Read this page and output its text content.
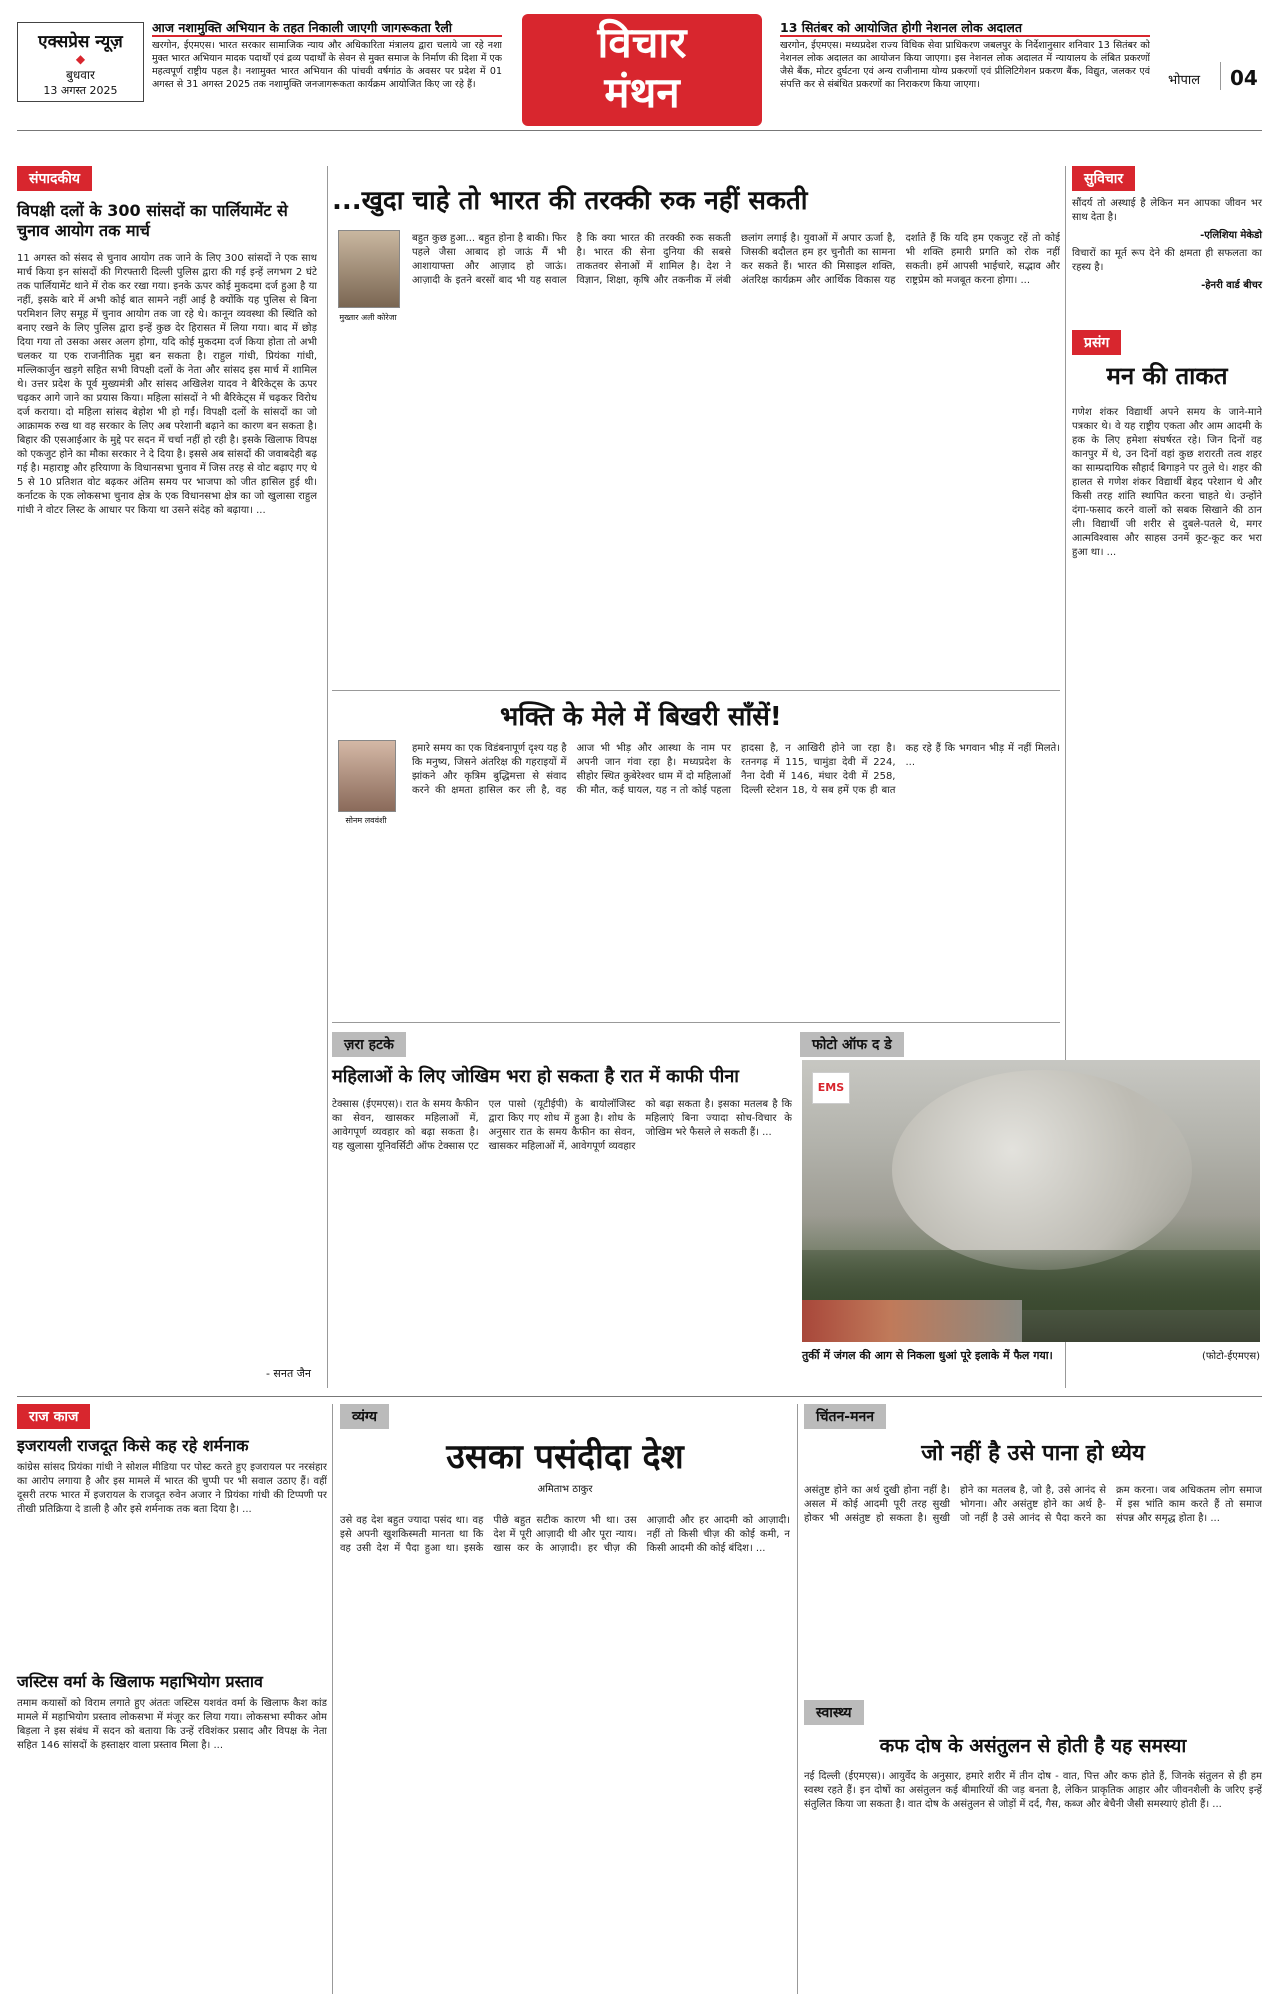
एक्सप्रेस न्यूज़
◆
बुधवार
13 अगस्त 2025
आज नशामुक्ति अभियान के तहत निकाली जाएगी जागरूकता रैली
खरगोन, ईएमएस। भारत सरकार सामाजिक न्याय और अधिकारिता मंत्रालय द्वारा चलाये जा रहे नशा मुक्त भारत अभियान मादक पदार्थों एवं द्रव्य पदार्थों के सेवन से मुक्त समाज के निर्माण की दिशा में एक महत्वपूर्ण राष्ट्रीय पहल है। नशामुक्त भारत अभियान की पांचवी वर्षगांठ के अवसर पर प्रदेश में 01 अगस्त से 31 अगस्त 2025 तक नशामुक्ति जनजागरूकता कार्यक्रम आयोजित किए जा रहे हैं।
विचार
मंथन
13 सितंबर को आयोजित होगी नेशनल लोक अदालत
खरगोन, ईएमएस। मध्यप्रदेश राज्य विधिक सेवा प्राधिकरण जबलपुर के निर्देशानुसार शनिवार 13 सितंबर को नेशनल लोक अदालत का आयोजन किया जाएगा। इस नेशनल लोक अदालत में न्यायालय के लंबित प्रकरणों जैसे बैंक, मोटर दुर्घटना एवं अन्य राजीनामा योग्य प्रकरणों एवं प्रीलिटिगेशन प्रकरण बैंक, विद्युत, जलकर एवं संपत्ति कर से संबंधित प्रकरणों का निराकरण किया जाएगा।	भोपाल 04
संपादकीय
विपक्षी दलों के 300 सांसदों का पार्लियामेंट से चुनाव आयोग तक मार्च
11 अगस्त को संसद से चुनाव आयोग तक जाने के लिए 300 सांसदों ने एक साथ मार्च किया इन सांसदों की गिरफ्तारी दिल्ली पुलिस द्वारा की गई इन्हें लगभग 2 घंटे तक पार्लियामेंट थाने में रोक कर रखा गया। इनके ऊपर कोई मुकदमा दर्ज हुआ है या नहीं, इसके बारे में अभी कोई बात सामने नहीं आई है क्योंकि यह पुलिस से बिना परमिशन लिए समूह में चुनाव आयोग तक जा रहे थे। कानून व्यवस्था की स्थिति को बनाए रखने के लिए पुलिस द्वारा इन्हें कुछ देर हिरासत में लिया गया। बाद में छोड़ दिया गया तो उसका असर अलग होगा, यदि कोई मुकदमा दर्ज किया होता तो अभी चलकर या एक राजनीतिक मुद्दा बन सकता है। राहुल गांधी, प्रियंका गांधी, मल्लिकार्जुन खड़गे सहित सभी विपक्षी दलों के नेता और सांसद इस मार्च में शामिल थे। उत्तर प्रदेश के पूर्व मुख्यमंत्री और सांसद अखिलेश यादव ने बैरिकेट्स के ऊपर चढ़कर आगे जाने का प्रयास किया। महिला सांसदों ने भी बैरिकेट्स में चढ़कर विरोध दर्ज कराया। दो महिला सांसद बेहोश भी हो गईं। विपक्षी दलों के सांसदों का जो आक्रामक रुख था वह सरकार के लिए अब परेशानी बढ़ाने का कारण बन सकता है। बिहार की एसआईआर के मुद्दे पर सदन में चर्चा नहीं हो रही है। इसके खिलाफ विपक्ष को एकजुट होने का मौका सरकार ने दे दिया है। इससे अब सांसदों की जवाबदेही बढ़ गई है। महाराष्ट्र और हरियाणा के विधानसभा चुनाव में जिस तरह से वोट बढ़ाए गए थे 5 से 10 प्रतिशत वोट बढ़कर अंतिम समय पर भाजपा को जीत हासिल हुई थी। कर्नाटक के एक लोकसभा चुनाव क्षेत्र के एक विधानसभा क्षेत्र का जो खुलासा राहुल गांधी ने वोटर लिस्ट के आधार पर किया था उसने संदेह को बढ़ाया। ...
- सनत जैन
...खुदा चाहे तो भारत की तरक्की रुक नहीं सकती
मुख्तार अली कोरेजा
बहुत कुछ हुआ... बहुत होना है बाकी। फिर पहले जैसा आबाद हो जाऊं मैं भी आशायाफ्ता और आज़ाद हो जाऊं। आज़ादी के इतने बरसों बाद भी यह सवाल है कि क्या भारत की तरक्की रुक सकती है। भारत की सेना दुनिया की सबसे ताकतवर सेनाओं में शामिल है। देश ने विज्ञान, शिक्षा, कृषि और तकनीक में लंबी छलांग लगाई है। युवाओं में अपार ऊर्जा है, जिसकी बदौलत हम हर चुनौती का सामना कर सकते हैं। भारत की मिसाइल शक्ति, अंतरिक्ष कार्यक्रम और आर्थिक विकास यह दर्शाते हैं कि यदि हम एकजुट रहें तो कोई भी शक्ति हमारी प्रगति को रोक नहीं सकती। हमें आपसी भाईचारे, सद्भाव और राष्ट्रप्रेम को मजबूत करना होगा। ...
भक्ति के मेले में बिखरी साँसें!
सोनम लववंशी
हमारे समय का एक विडंबनापूर्ण दृश्य यह है कि मनुष्य, जिसने अंतरिक्ष की गहराइयों में झांकने और कृत्रिम बुद्धिमत्ता से संवाद करने की क्षमता हासिल कर ली है, वह आज भी भीड़ और आस्था के नाम पर अपनी जान गंवा रहा है। मध्यप्रदेश के सीहोर स्थित कुबेरेश्वर धाम में दो महिलाओं की मौत, कई घायल, यह न तो कोई पहला हादसा है, न आखिरी होने जा रहा है। रतनगढ़ में 115, चामुंडा देवी में 224, नैना देवी में 146, मंधार देवी में 258, दिल्ली स्टेशन 18, ये सब हमें एक ही बात कह रहे हैं कि भगवान भीड़ में नहीं मिलते। ...
ज़रा हटके
महिलाओं के लिए जोखिम भरा हो सकता है रात में काफी पीना
टेक्सास (ईएमएस)। रात के समय कैफीन का सेवन, खासकर महिलाओं में, आवेगपूर्ण व्यवहार को बढ़ा सकता है। यह खुलासा यूनिवर्सिटी ऑफ टेक्सास एट एल पासो (यूटीईपी) के बायोलॉजिस्ट द्वारा किए गए शोध में हुआ है। शोध के अनुसार रात के समय कैफीन का सेवन, खासकर महिलाओं में, आवेगपूर्ण व्यवहार को बढ़ा सकता है। इसका मतलब है कि महिलाएं बिना ज्यादा सोच-विचार के जोखिम भरे फैसले ले सकती हैं। ...
फोटो ऑफ द डे
EMS
तुर्की में जंगल की आग से निकला धुआं पूरे इलाके में फैल गया।	(फोटो-ईएमएस)
सुविचार
सौंदर्य तो अस्थाई है लेकिन मन आपका जीवन भर साथ देता है।
-एलिशिया मेकेडो
विचारों का मूर्त रूप देने की क्षमता ही सफलता का रहस्य है।
-हेनरी वार्ड बीचर
प्रसंग
मन की ताकत
गणेश शंकर विद्यार्थी अपने समय के जाने-माने पत्रकार थे। वे यह राष्ट्रीय एकता और आम आदमी के हक के लिए हमेशा संघर्षरत रहे। जिन दिनों वह कानपुर में थे, उन दिनों वहां कुछ शरारती तत्व शहर का साम्प्रदायिक सौहार्द बिगाड़ने पर तुले थे। शहर की हालत से गणेश शंकर विद्यार्थी बेहद परेशान थे और किसी तरह शांति स्थापित करना चाहते थे। उन्होंने दंगा-फसाद करने वालों को सबक सिखाने की ठान ली। विद्यार्थी जी शरीर से दुबले-पतले थे, मगर आत्मविश्वास और साहस उनमें कूट-कूट कर भरा हुआ था। ...
राज काज
इजरायली राजदूत किसे कह रहे शर्मनाक
कांग्रेस सांसद प्रियंका गांधी ने सोशल मीडिया पर पोस्ट करते हुए इजरायल पर नरसंहार का आरोप लगाया है और इस मामले में भारत की चुप्पी पर भी सवाल उठाए हैं। वहीं दूसरी तरफ भारत में इजरायल के राजदूत रुवेन अजार ने प्रियंका गांधी की टिप्पणी पर तीखी प्रतिक्रिया दे डाली है और इसे शर्मनाक तक बता दिया है। ...
जस्टिस वर्मा के खिलाफ महाभियोग प्रस्ताव
तमाम कयासों को विराम लगाते हुए अंततः जस्टिस यशवंत वर्मा के खिलाफ कैश कांड मामले में महाभियोग प्रस्ताव लोकसभा में मंजूर कर लिया गया। लोकसभा स्पीकर ओम बिड़ला ने इस संबंध में सदन को बताया कि उन्हें रविशंकर प्रसाद और विपक्ष के नेता सहित 146 सांसदों के हस्ताक्षर वाला प्रस्ताव मिला है। ...
व्यंग्य
उसका पसंदीदा देश
अमिताभ ठाकुर
उसे वह देश बहुत ज्यादा पसंद था। वह इसे अपनी खुशकिस्मती मानता था कि वह उसी देश में पैदा हुआ था। इसके पीछे बहुत सटीक कारण भी था। उस देश में पूरी आज़ादी थी और पूरा न्याय। खास कर के आज़ादी। हर चीज़ की आज़ादी और हर आदमी को आज़ादी। नहीं तो किसी चीज़ की कोई कमी, न किसी आदमी की कोई बंदिश। ...
चिंतन-मनन
जो नहीं है उसे पाना हो ध्येय
असंतुष्ट होने का अर्थ दुखी होना नहीं है। असल में कोई आदमी पूरी तरह सुखी होकर भी असंतुष्ट हो सकता है। सुखी होने का मतलब है, जो है, उसे आनंद से भोगना। और असंतुष्ट होने का अर्थ है- जो नहीं है उसे आनंद से पैदा करने का क्रम करना। जब अधिकतम लोग समाज में इस भांति काम करते हैं तो समाज संपन्न और समृद्ध होता है। ...
स्वास्थ्य
कफ दोष के असंतुलन से होती है यह समस्या
नई दिल्ली (ईएमएस)। आयुर्वेद के अनुसार, हमारे शरीर में तीन दोष - वात, पित्त और कफ होते हैं, जिनके संतुलन से ही हम स्वस्थ रहते हैं। इन दोषों का असंतुलन कई बीमारियों की जड़ बनता है, लेकिन प्राकृतिक आहार और जीवनशैली के जरिए इन्हें संतुलित किया जा सकता है। वात दोष के असंतुलन से जोड़ों में दर्द, गैस, कब्ज और बेचैनी जैसी समस्याएं होती हैं। ...
